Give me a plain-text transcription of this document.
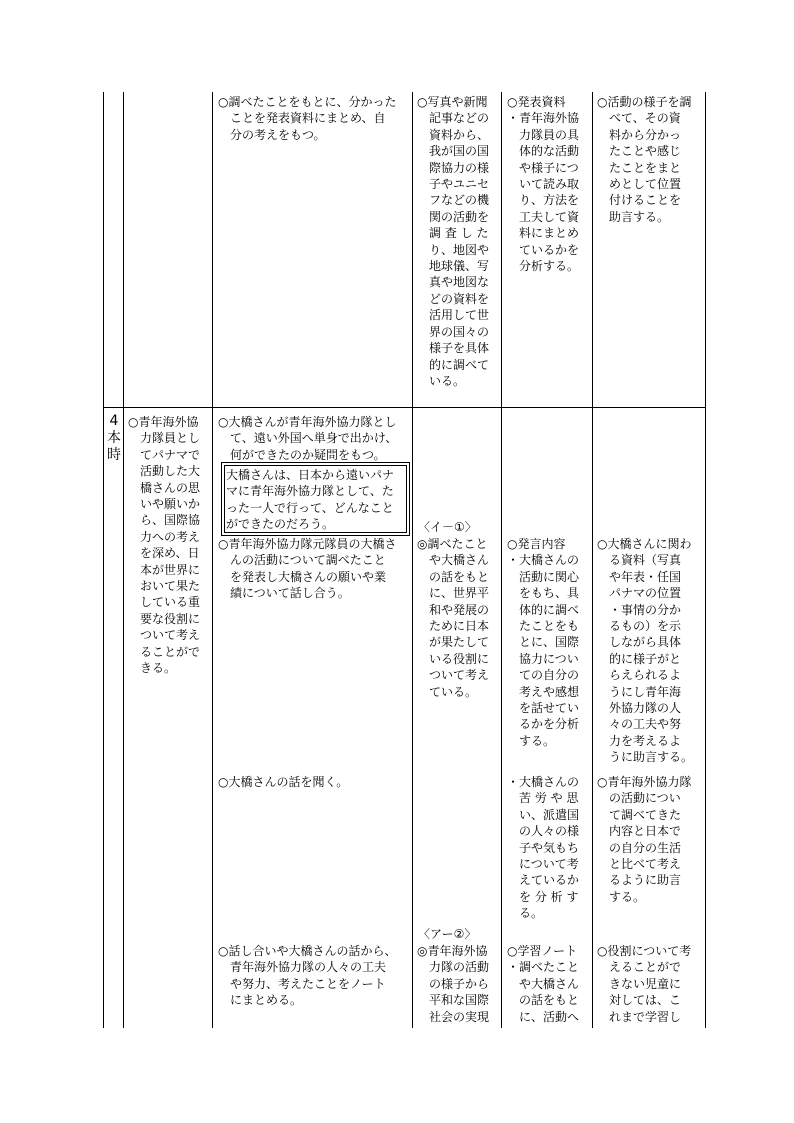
○調べたことをもとに、分かった
　ことを発表資料にまとめ、自
　分の考えをもつ。
○写真や新聞
　記事などの
　資料から、
　我が国の国
　際協力の様
　子やユニセ
　フなどの機
　関の活動を
　調 査 し た
　り、地図や
　地球儀、写
　真や地図な
　どの資料を
　活用して世
　界の国々の
　様子を具体
　的に調べて
　いる。
○発表資料
・青年海外協
　力隊員の具
　体的な活動
　や様子につ
　いて読み取
　り、方法を
　工夫して資
　料にまとめ
　ているかを
　分析する。
○活動の様子を調
　べて、その資
　料から分かっ
　たことや感じ
　たことをまと
　めとして位置
　付けることを
　助言する。
4
本
時
○青年海外協
　力隊員とし
　てパナマで
　活動した大
　橋さんの思
　いや願いか
　ら、国際協
　力への考え
　を深め、日
　本が世界に
　おいて果た
　している重
　要な役割に
　ついて考え
　ることがで
　きる。
○大橋さんが青年海外協力隊とし
　て、遠い外国へ単身で出かけ、
　何ができたのか疑問をもつ。
大橋さんは、日本から遠いパナ
マに青年海外協力隊として、た
った一人で行って、どんなこと
ができたのだろう。
○青年海外協力隊元隊員の大橋さ
　んの活動について調べたこと
　を発表し大橋さんの願いや業
　績について話し合う。
○大橋さんの話を聞く。
○話し合いや大橋さんの話から、
　青年海外協力隊の人々の工夫
　や努力、考えたことをノート
　にまとめる。
〈イ－①〉
◎調べたこと
　や大橋さん
　の話をもと
　に、世界平
　和や発展の
　ために日本
　が果たして
　いる役割に
　ついて考え
　ている。
〈アー②〉
◎青年海外協
　力隊の活動
　の様子から
　平和な国際
　社会の実現
○発言内容
・大橋さんの
　活動に関心
　をもち、具
　体的に調べ
　たことをも
　とに、国際
　協力につい
　ての自分の
　考えや感想
　を話せてい
　るかを分析
　する。
・大橋さんの
　苦 労 や 思
　い、派遣国
　の人々の様
　子や気もち
　について考
　えているか
　を 分 析 す
　る。
○学習ノート
・調べたこと
　や大橋さん
　の話をもと
　に、活動へ
○大橋さんに関わ
　る資料（写真
　や年表・任国
　パナマの位置
　・事情の分か
　るもの）を示
　しながら具体
　的に様子がと
　らえられるよ
　うにし青年海
　外協力隊の人
　々の工夫や努
　力を考えるよ
　うに助言する。
○青年海外協力隊
　の活動につい
　て調べてきた
　内容と日本で
　の自分の生活
　と比べて考え
　るように助言
　する。
○役割について考
　えることがで
　きない児童に
　対しては、こ
　れまで学習し
